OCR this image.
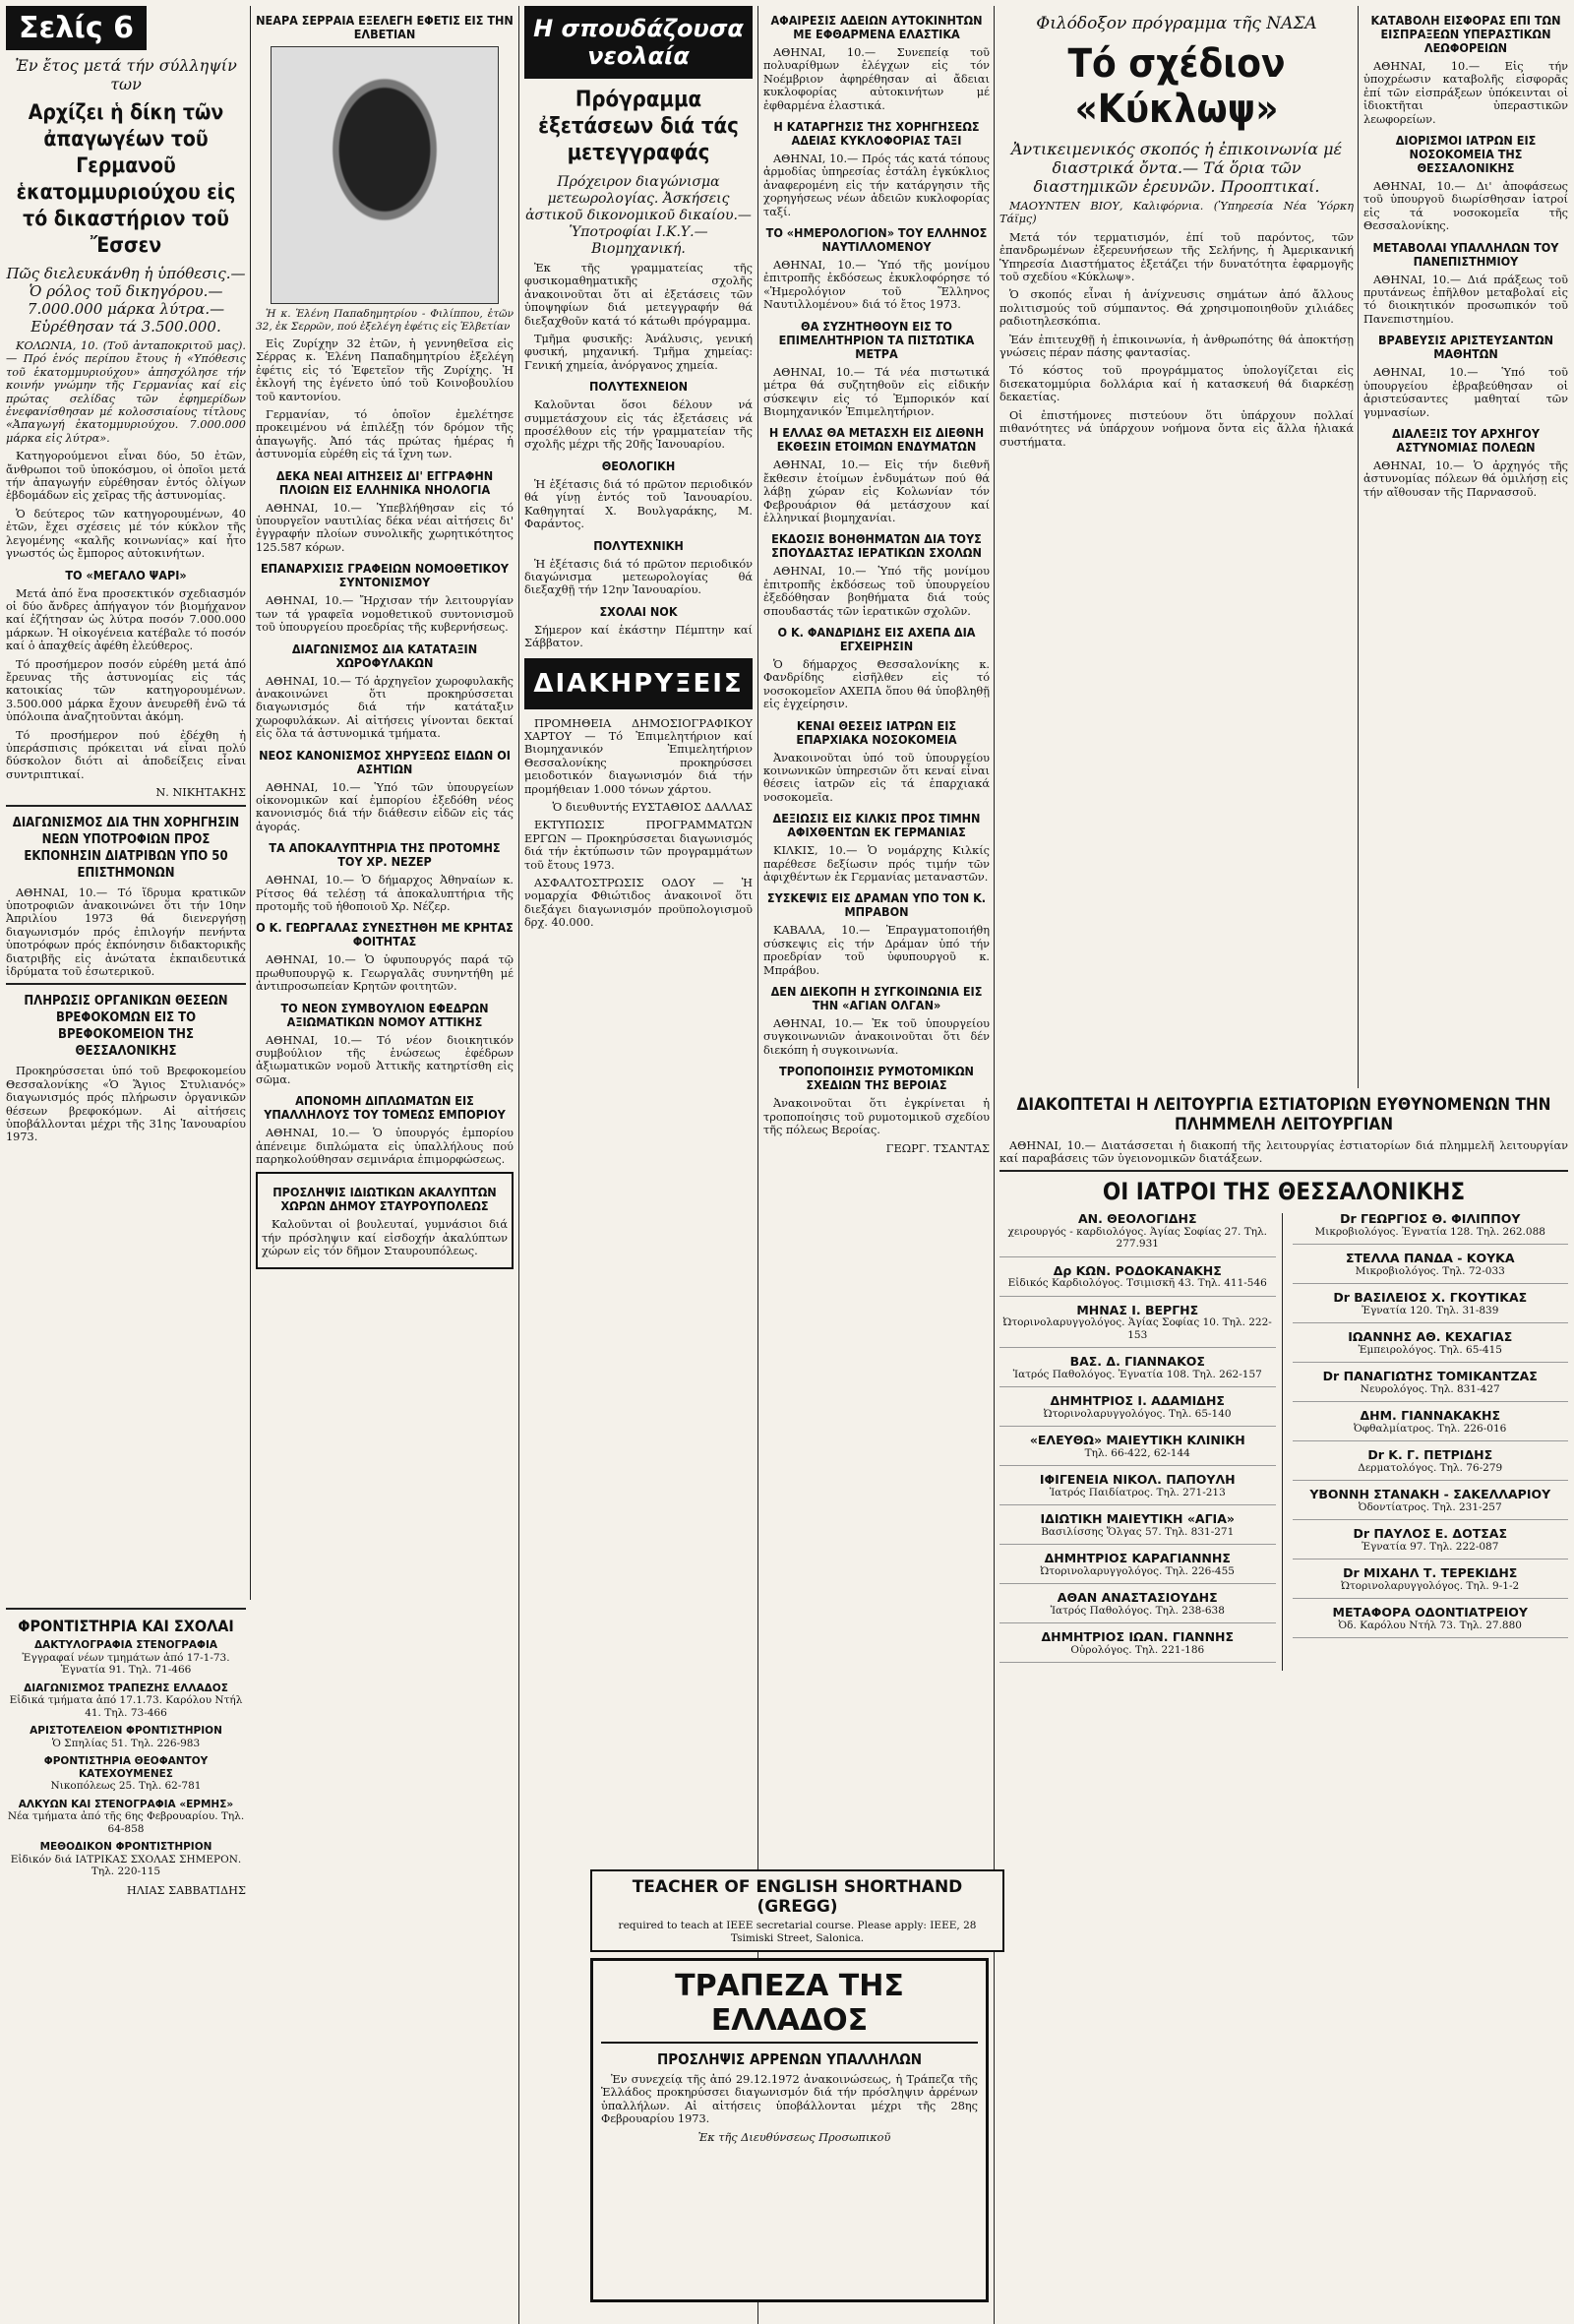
Σελίς 6
Ἐν ἔτος μετά τήν σύλληψίν των
Αρχίζει ἡ δίκη τῶν ἀπαγωγέων τοῦ Γερμανοῦ ἑκατομμυριούχου εἰς τό δικαστήριον τοῦ Ἔσσεν
Πῶς διελευκάνθη ἡ ὑπόθεσις.— Ὁ ρόλος τοῦ δικηγόρου.—7.000.000 μάρκα λύτρα.— Εὑρέθησαν τά 3.500.000.

ΚΟΛΩΝΙΑ, 10. (Τοῦ ἀνταποκριτοῦ μας).— Πρό ἑνός περίπου ἔτους ἡ «Υπόθεσις τοῦ ἑκατομμυριούχου» ἀπησχόλησε τήν κοινήν γνώμην τῆς Γερμανίας καί εἰς πρώτας σελίδας τῶν ἐφημερίδων ἐνεφανίσθησαν μέ κολοσσιαίους τίτλους «Ἀπαγωγή ἑκατομμυριούχου. 7.000.000 μάρκα εἰς λύτρα».

Κατηγορούμενοι εἶναι δύο, 50 ἐτῶν, ἄνθρωποι τοῦ ὑποκόσμου, οἱ ὁποῖοι μετά τήν ἀπαγωγήν εὑρέθησαν ἐντός ὀλίγων ἑβδομάδων εἰς χεῖρας τῆς ἀστυνομίας.

Ὁ δεύτερος τῶν κατηγορουμένων, 40 ἐτῶν, ἔχει σχέσεις μέ τόν κύκλον τῆς λεγομένης «καλῆς κοινωνίας» καί ἦτο γνωστός ὡς ἔμπορος αὐτοκινήτων.

ΤΟ «ΜΕΓΑΛΟ ΨΑΡΙ»

Μετά ἀπό ἕνα προσεκτικόν σχεδιασμόν οἱ δύο ἄνδρες ἀπήγαγον τόν βιομήχανον καί ἐζήτησαν ὡς λύτρα ποσόν 7.000.000 μάρκων. Ἡ οἰκογένεια κατέβαλε τό ποσόν καί ὁ ἀπαχθείς ἀφέθη ἐλεύθερος.

Τό προσήμερον ποσόν εὑρέθη μετά ἀπό ἔρευνας τῆς ἀστυνομίας εἰς τάς κατοικίας τῶν κατηγορουμένων. 3.500.000 μάρκα ἔχουν ἀνευρεθῆ ἐνῶ τά ὑπόλοιπα ἀναζητοῦνται ἀκόμη.

Τό προσήμερον πού ἐδέχθη ἡ ὑπεράσπισις πρόκειται νά εἶναι πολύ δύσκολον διότι αἱ ἀποδείξεις εἶναι συντριπτικαί.

Ν. ΝΙΚΗΤΑΚΗΣ

ΔΙΑΓΩΝΙΣΜΟΣ ΔΙΑ ΤΗΝ ΧΟΡΗΓΗΣΙΝ ΝΕΩΝ ΥΠΟΤΡΟΦΙΩΝ ΠΡΟΣ ΕΚΠΟΝΗΣΙΝ ΔΙΑΤΡΙΒΩΝ ΥΠΟ 50 ΕΠΙΣΤΗΜΟΝΩΝ

ΑΘΗΝΑΙ, 10.— Τό ἵδρυμα κρατικῶν ὑποτροφιῶν ἀνακοινώνει ὅτι τήν 10ην Ἀπριλίου 1973 θά διενεργήσῃ διαγωνισμόν πρός ἐπιλογήν πενήντα ὑποτρόφων πρός ἐκπόνησιν διδακτορικῆς διατριβῆς εἰς ἀνώτατα ἐκπαιδευτικά ἱδρύματα τοῦ ἐσωτερικοῦ.

ΠΛΗΡΩΣΙΣ ΟΡΓΑΝΙΚΩΝ ΘΕΣΕΩΝ ΒΡΕΦΟΚΟΜΩΝ ΕΙΣ ΤΟ ΒΡΕΦΟΚΟΜΕΙΟΝ ΤΗΣ ΘΕΣΣΑΛΟΝΙΚΗΣ

Προκηρύσσεται ὑπό τοῦ Βρεφοκομείου Θεσσαλονίκης «Ὁ Ἅγιος Στυλιανός» διαγωνισμός πρός πλήρωσιν ὀργανικῶν θέσεων βρεφοκόμων. Αἱ αἰτήσεις ὑποβάλλονται μέχρι τῆς 31ης Ἰανουαρίου 1973.

ΝΕΑΡΑ ΣΕΡΡΑΙΑ ΕΞΕΛΕΓΗ ΕΦΕΤΙΣ ΕΙΣ ΤΗΝ ΕΛΒΕΤΙΑΝ

Ἡ κ. Ἑλένη Παπαδημητρίου - Φιλίππου, ἐτῶν 32, ἐκ Σερρῶν, πού ἐξελέγη ἐφέτις εἰς Ἑλβετίαν

Εἰς Ζυρίχην 32 ἐτῶν, ἡ γεννηθεῖσα εἰς Σέρρας κ. Ἑλένη Παπαδημητρίου ἐξελέγη ἐφέτις εἰς τό Ἐφετεῖον τῆς Ζυρίχης. Ἡ ἐκλογή της ἐγένετο ὑπό τοῦ Κοινοβουλίου τοῦ καντονίου.

Γερμανίαν, τό ὁποῖον ἐμελέτησε προκειμένου νά ἐπιλέξῃ τόν δρόμον τῆς ἀπαγωγῆς. Ἀπό τάς πρώτας ἡμέρας ἡ ἀστυνομία εὑρέθη εἰς τά ἴχνη των.

ΔΕΚΑ ΝΕΑΙ ΑΙΤΗΣΕΙΣ ΔΙ' ΕΓΓΡΑΦΗΝ ΠΛΟΙΩΝ ΕΙΣ ΕΛΛΗΝΙΚΑ ΝΗΟΛΟΓΙΑ

ΑΘΗΝΑΙ, 10.— Ὑπεβλήθησαν εἰς τό ὑπουργεῖον ναυτιλίας δέκα νέαι αἰτήσεις δι' ἐγγραφήν πλοίων συνολικῆς χωρητικότητος 125.587 κόρων.

ΕΠΑΝΑΡΧΙΣΙΣ ΓΡΑΦΕΙΩΝ ΝΟΜΟΘΕΤΙΚΟΥ ΣΥΝΤΟΝΙΣΜΟΥ

ΑΘΗΝΑΙ, 10.— Ἤρχισαν τήν λειτουργίαν των τά γραφεῖα νομοθετικοῦ συντονισμοῦ τοῦ ὑπουργείου προεδρίας τῆς κυβερνήσεως.

ΔΙΑΓΩΝΙΣΜΟΣ ΔΙΑ ΚΑΤΑΤΑΞΙΝ ΧΩΡΟΦΥΛΑΚΩΝ

ΑΘΗΝΑΙ, 10.— Τό ἀρχηγεῖον χωροφυλακῆς ἀνακοινώνει ὅτι προκηρύσσεται διαγωνισμός διά τήν κατάταξιν χωροφυλάκων. Αἱ αἰτήσεις γίνονται δεκταί εἰς ὅλα τά ἀστυνομικά τμήματα.

ΝΕΟΣ ΚΑΝΟΝΙΣΜΟΣ ΧΗΡΥΞΕΩΣ ΕΙΔΩΝ ΟΙ ΑΣΗΤΙΩΝ

ΑΘΗΝΑΙ, 10.— Ὑπό τῶν ὑπουργείων οἰκονομικῶν καί ἐμπορίου ἐξεδόθη νέος κανονισμός διά τήν διάθεσιν εἰδῶν εἰς τάς ἀγοράς.

ΤΑ ΑΠΟΚΑΛΥΠΤΗΡΙΑ ΤΗΣ ΠΡΟΤΟΜΗΣ ΤΟΥ ΧΡ. ΝΕΖΕΡ

ΑΘΗΝΑΙ, 10.— Ὁ δήμαρχος Ἀθηναίων κ. Ρίτσος θά τελέσῃ τά ἀποκαλυπτήρια τῆς προτομῆς τοῦ ἡθοποιοῦ Χρ. Νέζερ.

Ο Κ. ΓΕΩΡΓΑΛΑΣ ΣΥΝΕΣΤΗΘΗ ΜΕ ΚΡΗΤΑΣ ΦΟΙΤΗΤΑΣ

ΑΘΗΝΑΙ, 10.— Ὁ ὑφυπουργός παρά τῷ πρωθυπουργῷ κ. Γεωργαλᾶς συνηντήθη μέ ἀντιπροσωπείαν Κρητῶν φοιτητῶν.

ΤΟ ΝΕΟΝ ΣΥΜΒΟΥΛΙΟΝ ΕΦΕΔΡΩΝ ΑΞΙΩΜΑΤΙΚΩΝ ΝΟΜΟΥ ΑΤΤΙΚΗΣ

ΑΘΗΝΑΙ, 10.— Τό νέον διοικητικόν συμβούλιον τῆς ἑνώσεως ἐφέδρων ἀξιωματικῶν νομοῦ Ἀττικῆς κατηρτίσθη εἰς σῶμα.

ΑΠΟΝΟΜΗ ΔΙΠΛΩΜΑΤΩΝ ΕΙΣ ΥΠΑΛΛΗΛΟΥΣ ΤΟΥ ΤΟΜΕΩΣ ΕΜΠΟΡΙΟΥ

ΑΘΗΝΑΙ, 10.— Ὁ ὑπουργός ἐμπορίου ἀπένειμε διπλώματα εἰς ὑπαλλήλους πού παρηκολούθησαν σεμινάρια ἐπιμορφώσεως.

ΠΡΟΣΛΗΨΙΣ ΙΔΙΩΤΙΚΩΝ ΑΚΑΛΥΠΤΩΝ ΧΩΡΩΝ ΔΗΜΟΥ ΣΤΑΥΡΟΥΠΟΛΕΩΣ

Καλοῦνται οἱ βουλευταί, γυμνάσιοι διά τήν πρόσληψιν καί εἰσδοχήν ἀκαλύπτων χώρων εἰς τόν δῆμον Σταυρουπόλεως.

ΦΡΟΝΤΙΣΤΗΡΙΑ ΚΑΙ ΣΧΟΛΑΙ
ΔΑΚΤΥΛΟΓΡΑΦΙΑ ΣΤΕΝΟΓΡΑΦΙΑ
Ἐγγραφαί νέων τμημάτων ἀπό 17-1-73. Ἐγνατία 91. Τηλ. 71-466
ΔΙΑΓΩΝΙΣΜΟΣ ΤΡΑΠΕΖΗΣ ΕΛΛΑΔΟΣ
Εἰδικά τμήματα ἀπό 17.1.73. Καρόλου Ντήλ 41. Τηλ. 73-466
ΑΡΙΣΤΟΤΕΛΕΙΟΝ ΦΡΟΝΤΙΣΤΗΡΙΟΝ
Ὁ Σπηλίας 51. Τηλ. 226-983
ΦΡΟΝΤΙΣΤΗΡΙΑ ΘΕΟΦΑΝΤΟΥ ΚΑΤΕΧΟΥΜΕΝΕΣ
Νικοπόλεως 25. Τηλ. 62-781
ΑΛΚΥΩΝ ΚΑΙ ΣΤΕΝΟΓΡΑΦΙΑ «ΕΡΜΗΣ»
Νέα τμήματα ἀπό τῆς 6ης Φεβρουαρίου. Τηλ. 64-858
ΜΕΘΟΔΙΚΟΝ ΦΡΟΝΤΙΣΤΗΡΙΟΝ
Εἰδικόν διά ΙΑΤΡΙΚΑΣ ΣΧΟΛΑΣ ΣΗΜΕΡΟΝ. Τηλ. 220-115

ΗΛΙΑΣ ΣΑΒΒΑΤΙΔΗΣ

Η σπουδάζουσα νεολαία
Πρόγραμμα ἐξετάσεων διά τάς μετεγγραφάς
Πρόχειρον διαγώνισμα μετεωρολογίας. Ἀσκήσεις ἀστικοῦ δικονομικοῦ δικαίου.— Ὑποτροφίαι Ι.Κ.Υ.— Βιομηχανική.

Ἐκ τῆς γραμματείας τῆς φυσικομαθηματικῆς σχολῆς ἀνακοινοῦται ὅτι αἱ ἐξετάσεις τῶν ὑποψηφίων διά μετεγγραφήν θά διεξαχθοῦν κατά τό κάτωθι πρόγραμμα.

Τμῆμα φυσικῆς: Ἀνάλυσις, γενική φυσική, μηχανική. Τμῆμα χημείας: Γενική χημεία, ἀνόργανος χημεία.

ΠΟΛΥΤΕΧΝΕΙΟΝ

Καλοῦνται ὅσοι δέλουν νά συμμετάσχουν εἰς τάς ἐξετάσεις νά προσέλθουν εἰς τήν γραμματείαν τῆς σχολῆς μέχρι τῆς 20ῆς Ἰανουαρίου.

ΘΕΟΛΟΓΙΚΗ

Ἡ ἐξέτασις διά τό πρῶτον περιοδικόν θά γίνῃ ἐντός τοῦ Ἰανουαρίου. Καθηγηταί Χ. Βουλγαράκης, Μ. Φαράντος.

ΠΟΛΥΤΕΧΝΙΚΗ

Ἡ ἐξέτασις διά τό πρῶτον περιοδικόν διαγώνισμα μετεωρολογίας θά διεξαχθῇ τήν 12ην Ἰανουαρίου.

ΣΧΟΛΑΙ ΝΟΚ

Σήμερον καί ἑκάστην Πέμπτην καί Σάββατον.

ΔΙΑΚΗΡΥΞΕΙΣ

ΠΡΟΜΗΘΕΙΑ ΔΗΜΟΣΙΟΓΡΑΦΙΚΟΥ ΧΑΡΤΟΥ — Τό Ἐπιμελητήριον καί Βιομηχανικόν Ἐπιμελητήριον Θεσσαλονίκης προκηρύσσει μειοδοτικόν διαγωνισμόν διά τήν προμήθειαν 1.000 τόνων χάρτου.

Ὁ διευθυντής ΕΥΣΤΑΘΙΟΣ ΔΑΛΛΑΣ

ΕΚΤΥΠΩΣΙΣ ΠΡΟΓΡΑΜΜΑΤΩΝ ΕΡΓΩΝ — Προκηρύσσεται διαγωνισμός διά τήν ἐκτύπωσιν τῶν προγραμμάτων τοῦ ἔτους 1973.

ΑΣΦΑΛΤΟΣΤΡΩΣΙΣ ΟΔΟΥ — Ἡ νομαρχία Φθιώτιδος ἀνακοινοῖ ὅτι διεξάγει διαγωνισμόν προϋπολογισμοῦ δρχ. 40.000.

ΑΦΑΙΡΕΣΙΣ ΑΔΕΙΩΝ ΑΥΤΟΚΙΝΗΤΩΝ ΜΕ ΕΦΘΑΡΜΕΝΑ ΕΛΑΣΤΙΚΑ

ΑΘΗΝΑΙ, 10.— Συνεπείᾳ τοῦ πολυαρίθμων ἐλέγχων εἰς τόν Νοέμβριον ἀφηρέθησαν αἱ ἄδειαι κυκλοφορίας αὐτοκινήτων μέ ἐφθαρμένα ἐλαστικά.

Η ΚΑΤΑΡΓΗΣΙΣ ΤΗΣ ΧΟΡΗΓΗΣΕΩΣ ΑΔΕΙΑΣ ΚΥΚΛΟΦΟΡΙΑΣ ΤΑΞΙ

ΑΘΗΝΑΙ, 10.— Πρός τάς κατά τόπους ἀρμοδίας ὑπηρεσίας ἐστάλη ἐγκύκλιος ἀναφερομένη εἰς τήν κατάργησιν τῆς χορηγήσεως νέων ἀδειῶν κυκλοφορίας ταξί.

ΤΟ «ΗΜΕΡΟΛΟΓΙΟΝ» ΤΟΥ ΕΛΛΗΝΟΣ ΝΑΥΤΙΛΛΟΜΕΝΟΥ

ΑΘΗΝΑΙ, 10.— Ὑπό τῆς μονίμου ἐπιτροπῆς ἐκδόσεως ἐκυκλοφόρησε τό «Ἡμερολόγιον τοῦ Ἕλληνος Ναυτιλλομένου» διά τό ἔτος 1973.

ΘΑ ΣΥΖΗΤΗΘΟΥΝ ΕΙΣ ΤΟ ΕΠΙΜΕΛΗΤΗΡΙΟΝ ΤΑ ΠΙΣΤΩΤΙΚΑ ΜΕΤΡΑ

ΑΘΗΝΑΙ, 10.— Τά νέα πιστωτικά μέτρα θά συζητηθοῦν εἰς εἰδικήν σύσκεψιν εἰς τό Ἐμπορικόν καί Βιομηχανικόν Ἐπιμελητήριον.

Η ΕΛΛΑΣ ΘΑ ΜΕΤΑΣΧΗ ΕΙΣ ΔΙΕΘΝΗ ΕΚΘΕΣΙΝ ΕΤΟΙΜΩΝ ΕΝΔΥΜΑΤΩΝ

ΑΘΗΝΑΙ, 10.— Εἰς τήν διεθνῆ ἔκθεσιν ἑτοίμων ἐνδυμάτων πού θά λάβῃ χώραν εἰς Κολωνίαν τόν Φεβρουάριον θά μετάσχουν καί ἑλληνικαί βιομηχανίαι.

ΕΚΔΟΣΙΣ ΒΟΗΘΗΜΑΤΩΝ ΔΙΑ ΤΟΥΣ ΣΠΟΥΔΑΣΤΑΣ ΙΕΡΑΤΙΚΩΝ ΣΧΟΛΩΝ

ΑΘΗΝΑΙ, 10.— Ὑπό τῆς μονίμου ἐπιτροπῆς ἐκδόσεως τοῦ ὑπουργείου ἐξεδόθησαν βοηθήματα διά τούς σπουδαστάς τῶν ἱερατικῶν σχολῶν.

Ο Κ. ΦΑΝΔΡΙΔΗΣ ΕΙΣ ΑΧΕΠΑ ΔΙΑ ΕΓΧΕΙΡΗΣΙΝ

Ὁ δήμαρχος Θεσσαλονίκης κ. Φανδρίδης εἰσῆλθεν εἰς τό νοσοκομεῖον ΑΧΕΠΑ ὅπου θά ὑποβληθῇ εἰς ἐγχείρησιν.

ΚΕΝΑΙ ΘΕΣΕΙΣ ΙΑΤΡΩΝ ΕΙΣ ΕΠΑΡΧΙΑΚΑ ΝΟΣΟΚΟΜΕΙΑ

Ἀνακοινοῦται ὑπό τοῦ ὑπουργείου κοινωνικῶν ὑπηρεσιῶν ὅτι κεναί εἶναι θέσεις ἰατρῶν εἰς τά ἐπαρχιακά νοσοκομεῖα.

ΔΕΞΙΩΣΙΣ ΕΙΣ ΚΙΛΚΙΣ ΠΡΟΣ ΤΙΜΗΝ ΑΦΙΧΘΕΝΤΩΝ ΕΚ ΓΕΡΜΑΝΙΑΣ

ΚΙΛΚΙΣ, 10.— Ὁ νομάρχης Κιλκίς παρέθεσε δεξίωσιν πρός τιμήν τῶν ἀφιχθέντων ἐκ Γερμανίας μεταναστῶν.

ΣΥΣΚΕΨΙΣ ΕΙΣ ΔΡΑΜΑΝ ΥΠΟ ΤΟΝ Κ. ΜΠΡΑΒΟΝ

ΚΑΒΑΛΑ, 10.— Ἐπραγματοποιήθη σύσκεψις εἰς τήν Δράμαν ὑπό τήν προεδρίαν τοῦ ὑφυπουργοῦ κ. Μπράβου.

ΔΕΝ ΔΙΕΚΟΠΗ Η ΣΥΓΚΟΙΝΩΝΙΑ ΕΙΣ ΤΗΝ «ΑΓΙΑΝ ΟΛΓΑΝ»

ΑΘΗΝΑΙ, 10.— Ἐκ τοῦ ὑπουργείου συγκοινωνιῶν ἀνακοινοῦται ὅτι δέν διεκόπη ἡ συγκοινωνία.

ΤΡΟΠΟΠΟΙΗΣΙΣ ΡΥΜΟΤΟΜΙΚΩΝ ΣΧΕΔΙΩΝ ΤΗΣ ΒΕΡΟΙΑΣ

Ἀνακοινοῦται ὅτι ἐγκρίνεται ἡ τροποποίησις τοῦ ρυμοτομικοῦ σχεδίου τῆς πόλεως Βεροίας.

ΓΕΩΡΓ. ΤΣΑΝΤΑΣ

TEACHER OF ENGLISH SHORTHAND (GREGG)
required to teach at IEEE secretarial course. Please apply: IEEE, 28 Tsimiski Street, Salonica.
ΤΡΑΠΕΖΑ ΤΗΣ ΕΛΛΑΔΟΣ
ΠΡΟΣΛΗΨΙΣ ΑΡΡΕΝΩΝ ΥΠΑΛΛΗΛΩΝ

Ἐν συνεχείᾳ τῆς ἀπό 29.12.1972 ἀνακοινώσεως, ἡ Τράπεζα τῆς Ἑλλάδος προκηρύσσει διαγωνισμόν διά τήν πρόσληψιν ἀρρένων ὑπαλλήλων. Αἱ αἰτήσεις ὑποβάλλονται μέχρι τῆς 28ης Φεβρουαρίου 1973.

Ἐκ τῆς Διευθύνσεως Προσωπικοῦ

Φιλόδοξον πρόγραμμα τῆς ΝΑΣΑ
Τό σχέδιον «Κύκλωψ»
Ἀντικειμενικός σκοπός ἡ ἐπικοινωνία μέ διαστρικά ὄντα.— Τά ὅρια τῶν διαστημικῶν ἐρευνῶν. Προοπτικαί.

ΜΑΟΥΝΤΕΝ ΒΙΟΥ, Καλιφόρνια. (Ὑπηρεσία Νέα Ὑόρκη Τάϊμς)

Μετά τόν τερματισμόν, ἐπί τοῦ παρόντος, τῶν ἐπανδρωμένων ἐξερευνήσεων τῆς Σελήνης, ἡ Ἀμερικανική Ὑπηρεσία Διαστήματος ἐξετάζει τήν δυνατότητα ἐφαρμογῆς τοῦ σχεδίου «Κύκλωψ».

Ὁ σκοπός εἶναι ἡ ἀνίχνευσις σημάτων ἀπό ἄλλους πολιτισμούς τοῦ σύμπαντος. Θά χρησιμοποιηθοῦν χιλιάδες ραδιοτηλεσκόπια.

Ἐάν ἐπιτευχθῇ ἡ ἐπικοινωνία, ἡ ἀνθρωπότης θά ἀποκτήσῃ γνώσεις πέραν πάσης φαντασίας.

Τό κόστος τοῦ προγράμματος ὑπολογίζεται εἰς δισεκατομμύρια δολλάρια καί ἡ κατασκευή θά διαρκέσῃ δεκαετίας.

Οἱ ἐπιστήμονες πιστεύουν ὅτι ὑπάρχουν πολλαί πιθανότητες νά ὑπάρχουν νοήμονα ὄντα εἰς ἄλλα ἡλιακά συστήματα.

ΚΑΤΑΒΟΛΗ ΕΙΣΦΟΡΑΣ ΕΠΙ ΤΩΝ ΕΙΣΠΡΑΞΕΩΝ ΥΠΕΡΑΣΤΙΚΩΝ ΛΕΩΦΟΡΕΙΩΝ

ΑΘΗΝΑΙ, 10.— Εἰς τήν ὑποχρέωσιν καταβολῆς εἰσφορᾶς ἐπί τῶν εἰσπράξεων ὑπόκεινται οἱ ἰδιοκτῆται ὑπεραστικῶν λεωφορείων.

ΔΙΟΡΙΣΜΟΙ ΙΑΤΡΩΝ ΕΙΣ ΝΟΣΟΚΟΜΕΙΑ ΤΗΣ ΘΕΣΣΑΛΟΝΙΚΗΣ

ΑΘΗΝΑΙ, 10.— Δι' ἀποφάσεως τοῦ ὑπουργοῦ διωρίσθησαν ἰατροί εἰς τά νοσοκομεῖα τῆς Θεσσαλονίκης.

ΜΕΤΑΒΟΛΑΙ ΥΠΑΛΛΗΛΩΝ ΤΟΥ ΠΑΝΕΠΙΣΤΗΜΙΟΥ

ΑΘΗΝΑΙ, 10.— Διά πράξεως τοῦ πρυτάνεως ἐπῆλθον μεταβολαί εἰς τό διοικητικόν προσωπικόν τοῦ Πανεπιστημίου.

ΒΡΑΒΕΥΣΙΣ ΑΡΙΣΤΕΥΣΑΝΤΩΝ ΜΑΘΗΤΩΝ

ΑΘΗΝΑΙ, 10.— Ὑπό τοῦ ὑπουργείου ἐβραβεύθησαν οἱ ἀριστεύσαντες μαθηταί τῶν γυμνασίων.

ΔΙΑΛΕΞΙΣ ΤΟΥ ΑΡΧΗΓΟΥ ΑΣΤΥΝΟΜΙΑΣ ΠΟΛΕΩΝ

ΑΘΗΝΑΙ, 10.— Ὁ ἀρχηγός τῆς ἀστυνομίας πόλεων θά ὁμιλήσῃ εἰς τήν αἴθουσαν τῆς Παρνασσοῦ.

ΔΙΑΚΟΠΤΕΤΑΙ Η ΛΕΙΤΟΥΡΓΙΑ ΕΣΤΙΑΤΟΡΙΩΝ ΕΥΘΥΝΟΜΕΝΩΝ ΤΗΝ ΠΛΗΜΜΕΛΗ ΛΕΙΤΟΥΡΓΙΑΝ

ΑΘΗΝΑΙ, 10.— Διατάσσεται ἡ διακοπή τῆς λειτουργίας ἑστιατορίων διά πλημμελῆ λειτουργίαν καί παραβάσεις τῶν ὑγειονομικῶν διατάξεων.

ΟΙ ΙΑΤΡΟΙ ΤΗΣ ΘΕΣΣΑΛΟΝΙΚΗΣ
ΑΝ. ΘΕΟΛΟΓΙΔΗΣ
χειρουργός - καρδιολόγος. Ἀγίας Σοφίας 27. Τηλ. 277.931
Δρ ΚΩΝ. ΡΟΔΟΚΑΝΑΚΗΣ
Εἰδικός Καρδιολόγος. Τσιμισκῆ 43. Τηλ. 411-546
ΜΗΝΑΣ Ι. ΒΕΡΓΗΣ
Ὠτορινολαρυγγολόγος. Ἁγίας Σοφίας 10. Τηλ. 222-153
ΒΑΣ. Δ. ΓΙΑΝΝΑΚΟΣ
Ἰατρός Παθολόγος. Ἐγνατία 108. Τηλ. 262-157
ΔΗΜΗΤΡΙΟΣ Ι. ΑΔΑΜΙΔΗΣ
Ὠτορινολαρυγγολόγος. Τηλ. 65-140
«ΕΛΕΥΘΩ» ΜΑΙΕΥΤΙΚΗ ΚΛΙΝΙΚΗ
Τηλ. 66-422, 62-144
ΙΦΙΓΕΝΕΙΑ ΝΙΚΟΛ. ΠΑΠΟΥΛΗ
Ἰατρός Παιδίατρος. Τηλ. 271-213
ΙΔΙΩΤΙΚΗ ΜΑΙΕΥΤΙΚΗ «ΑΓΙΑ»
Βασιλίσσης Ὄλγας 57. Τηλ. 831-271
ΔΗΜΗΤΡΙΟΣ ΚΑΡΑΓΙΑΝΝΗΣ
Ὠτορινολαρυγγολόγος. Τηλ. 226-455
ΑΘΑΝ ΑΝΑΣΤΑΣΙΟΥΔΗΣ
Ἰατρός Παθολόγος. Τηλ. 238-638
ΔΗΜΗΤΡΙΟΣ ΙΩΑΝ. ΓΙΑΝΝΗΣ
Οὐρολόγος. Τηλ. 221-186
Dr ΓΕΩΡΓΙΟΣ Θ. ΦΙΛΙΠΠΟΥ
Μικροβιολόγος. Ἐγνατία 128. Τηλ. 262.088
ΣΤΕΛΛΑ ΠΑΝΔΑ - ΚΟΥΚΑ
Μικροβιολόγος. Τηλ. 72-033
Dr ΒΑΣΙΛΕΙΟΣ Χ. ΓΚΟΥΤΙΚΑΣ
Ἐγνατία 120. Τηλ. 31-839
ΙΩΑΝΝΗΣ ΑΘ. ΚΕΧΑΓΙΑΣ
Ἐμπειρολόγος. Τηλ. 65-415
Dr ΠΑΝΑΓΙΩΤΗΣ ΤΟΜΙΚΑΝΤΖΑΣ
Νευρολόγος. Τηλ. 831-427
ΔΗΜ. ΓΙΑΝΝΑΚΑΚΗΣ
Ὀφθαλμίατρος. Τηλ. 226-016
Dr Κ. Γ. ΠΕΤΡΙΔΗΣ
Δερματολόγος. Τηλ. 76-279
ΥΒΟΝΝΗ ΣΤΑΝΑΚΗ - ΣΑΚΕΛΛΑΡΙΟΥ
Ὀδοντίατρος. Τηλ. 231-257
Dr ΠΑΥΛΟΣ Ε. ΔΟΤΣΑΣ
Ἐγνατία 97. Τηλ. 222-087
Dr ΜΙΧΑΗΛ Τ. ΤΕΡΕΚΙΔΗΣ
Ὠτορινολαρυγγολόγος. Τηλ. 9-1-2
ΜΕΤΑΦΟΡΑ ΟΔΟΝΤΙΑΤΡΕΙΟΥ
Ὀδ. Καρόλου Ντήλ 73. Τηλ. 27.880
